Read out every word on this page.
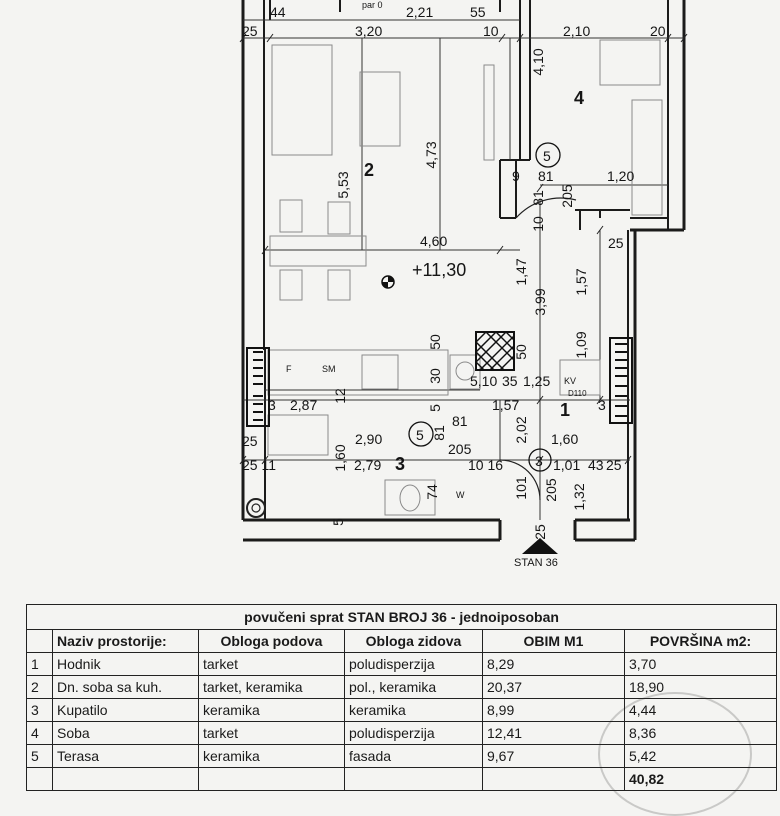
par 0
44	2,21	55
25	3,20	10	2,10	20
4,10
4,73
5,53	9 81	1,20
10
81 205
25
4,60
+11,30	1,47	1,57
3,99
50
50	1,09
30 5,10 35 1,25
F	SM
KV
D110
3 2,87
12
5	1,57	3
81
81	2,02
25	2,90
205
1,60
25 11	1,60 2,79	10 16	1,01 43 25
74	101 205 1,32
W
5
25
1
2
3
4
5
5
3
STAN 36
povučeni sprat STAN BROJ 36 - jednoiposoban					
	Naziv prostorije:	Obloga podova	Obloga zidova	OBIM M1	POVRŠINA m2:
1	Hodnik	tarket	poludisperzija	8,29	3,70
2	Dn. soba sa kuh.	tarket, keramika	pol., keramika	20,37	18,90
3	Kupatilo	keramika	keramika	8,99	4,44
4	Soba	tarket	poludisperzija	12,41	8,36
5	Terasa	keramika	fasada	9,67	5,42
					40,82
